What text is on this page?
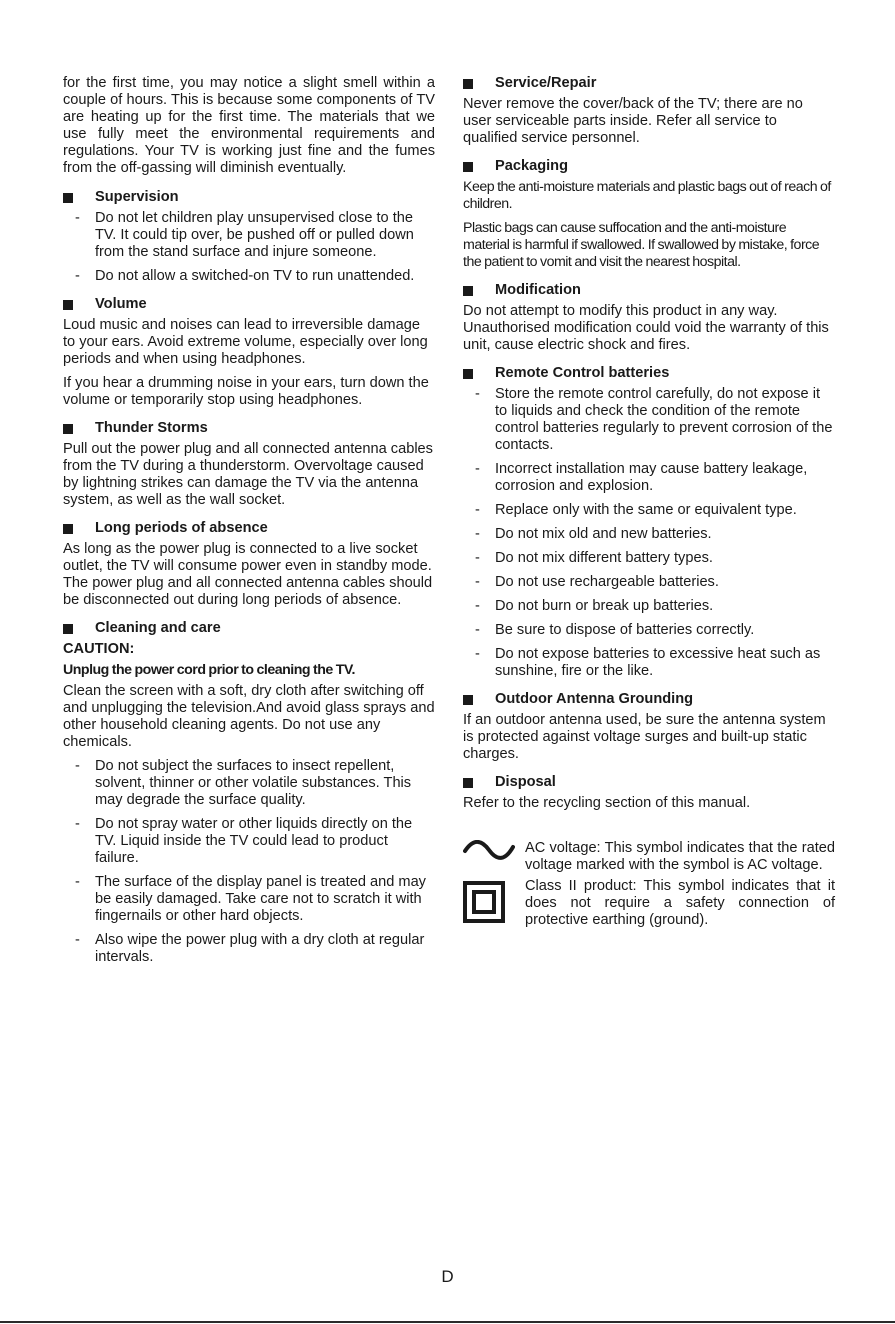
for the first time, you may notice a slight smell within a couple of hours. This is because some components of TV are heating up for the first time. The materials that we use fully meet the environmental requirements and regulations. Your TV is working just fine and the fumes from the off-gassing will diminish eventually.

Supervision
- Do not let children play unsupervised close to the TV. It could tip over, be pushed off or pulled down from the stand surface and injure someone.
- Do not allow a switched-on TV to run unattended.
Volume

Loud music and noises can lead to irreversible damage to your ears. Avoid extreme volume, especially over long periods and when using headphones.

If you hear a drumming noise in your ears, turn down the volume or temporarily stop using headphones.

Thunder Storms

Pull out the power plug and all connected antenna cables from the TV during a thunderstorm. Overvoltage caused by lightning strikes can damage the TV via the antenna system, as well as the wall socket.

Long periods of absence

As long as the power plug is connected to a live socket outlet, the TV will consume power even in standby mode. The power plug and all connected antenna cables should be disconnected out during long periods of absence.

Cleaning and care

CAUTION:

Unplug the power cord prior to cleaning the TV.

Clean the screen with a soft, dry cloth after switching off and unplugging the television.And avoid glass sprays and other household cleaning agents. Do not use any chemicals.

- Do not subject the surfaces to insect repellent, solvent, thinner or other volatile substances. This may degrade the surface quality.
- Do not spray water or other liquids directly on the TV. Liquid inside the TV could lead to product failure.
- The surface of the display panel is treated and may be easily damaged. Take care not to scratch it with fingernails or other hard objects.
- Also wipe the power plug with a dry cloth at regular intervals.
Service/Repair

Never remove the cover/back of the TV; there are no user serviceable parts inside. Refer all service to qualified service personnel.

Packaging

Keep the anti-moisture materials and plastic bags out of reach of children.

Plastic bags can cause suffocation and the anti-moisture material is harmful if swallowed. If swallowed by mistake, force the patient to vomit and visit the nearest hospital.

Modification

Do not attempt to modify this product in any way. Unauthorised modification could void the warranty of this unit, cause electric shock and fires.

Remote Control batteries
- Store the remote control carefully, do not expose it to liquids and check the condition of the remote control batteries regularly to prevent corrosion of the contacts.
- Incorrect installation may cause battery leakage, corrosion and explosion.
- Replace only with the same or equivalent type.
- Do not mix old and new batteries.
- Do not mix different battery types.
- Do not use rechargeable batteries.
- Do not burn or break up batteries.
- Be sure to dispose of batteries correctly.
- Do not expose batteries to excessive heat such as sunshine, fire or the like.
Outdoor Antenna Grounding

If an outdoor antenna used, be sure the antenna system is protected against voltage surges and built-up static charges.

Disposal

Refer to the recycling section of this manual.

AC voltage: This symbol indicates that the rated voltage marked with the symbol is AC voltage.
Class II product: This symbol indicates that it does not require a safety connection of protective earthing (ground).
D
